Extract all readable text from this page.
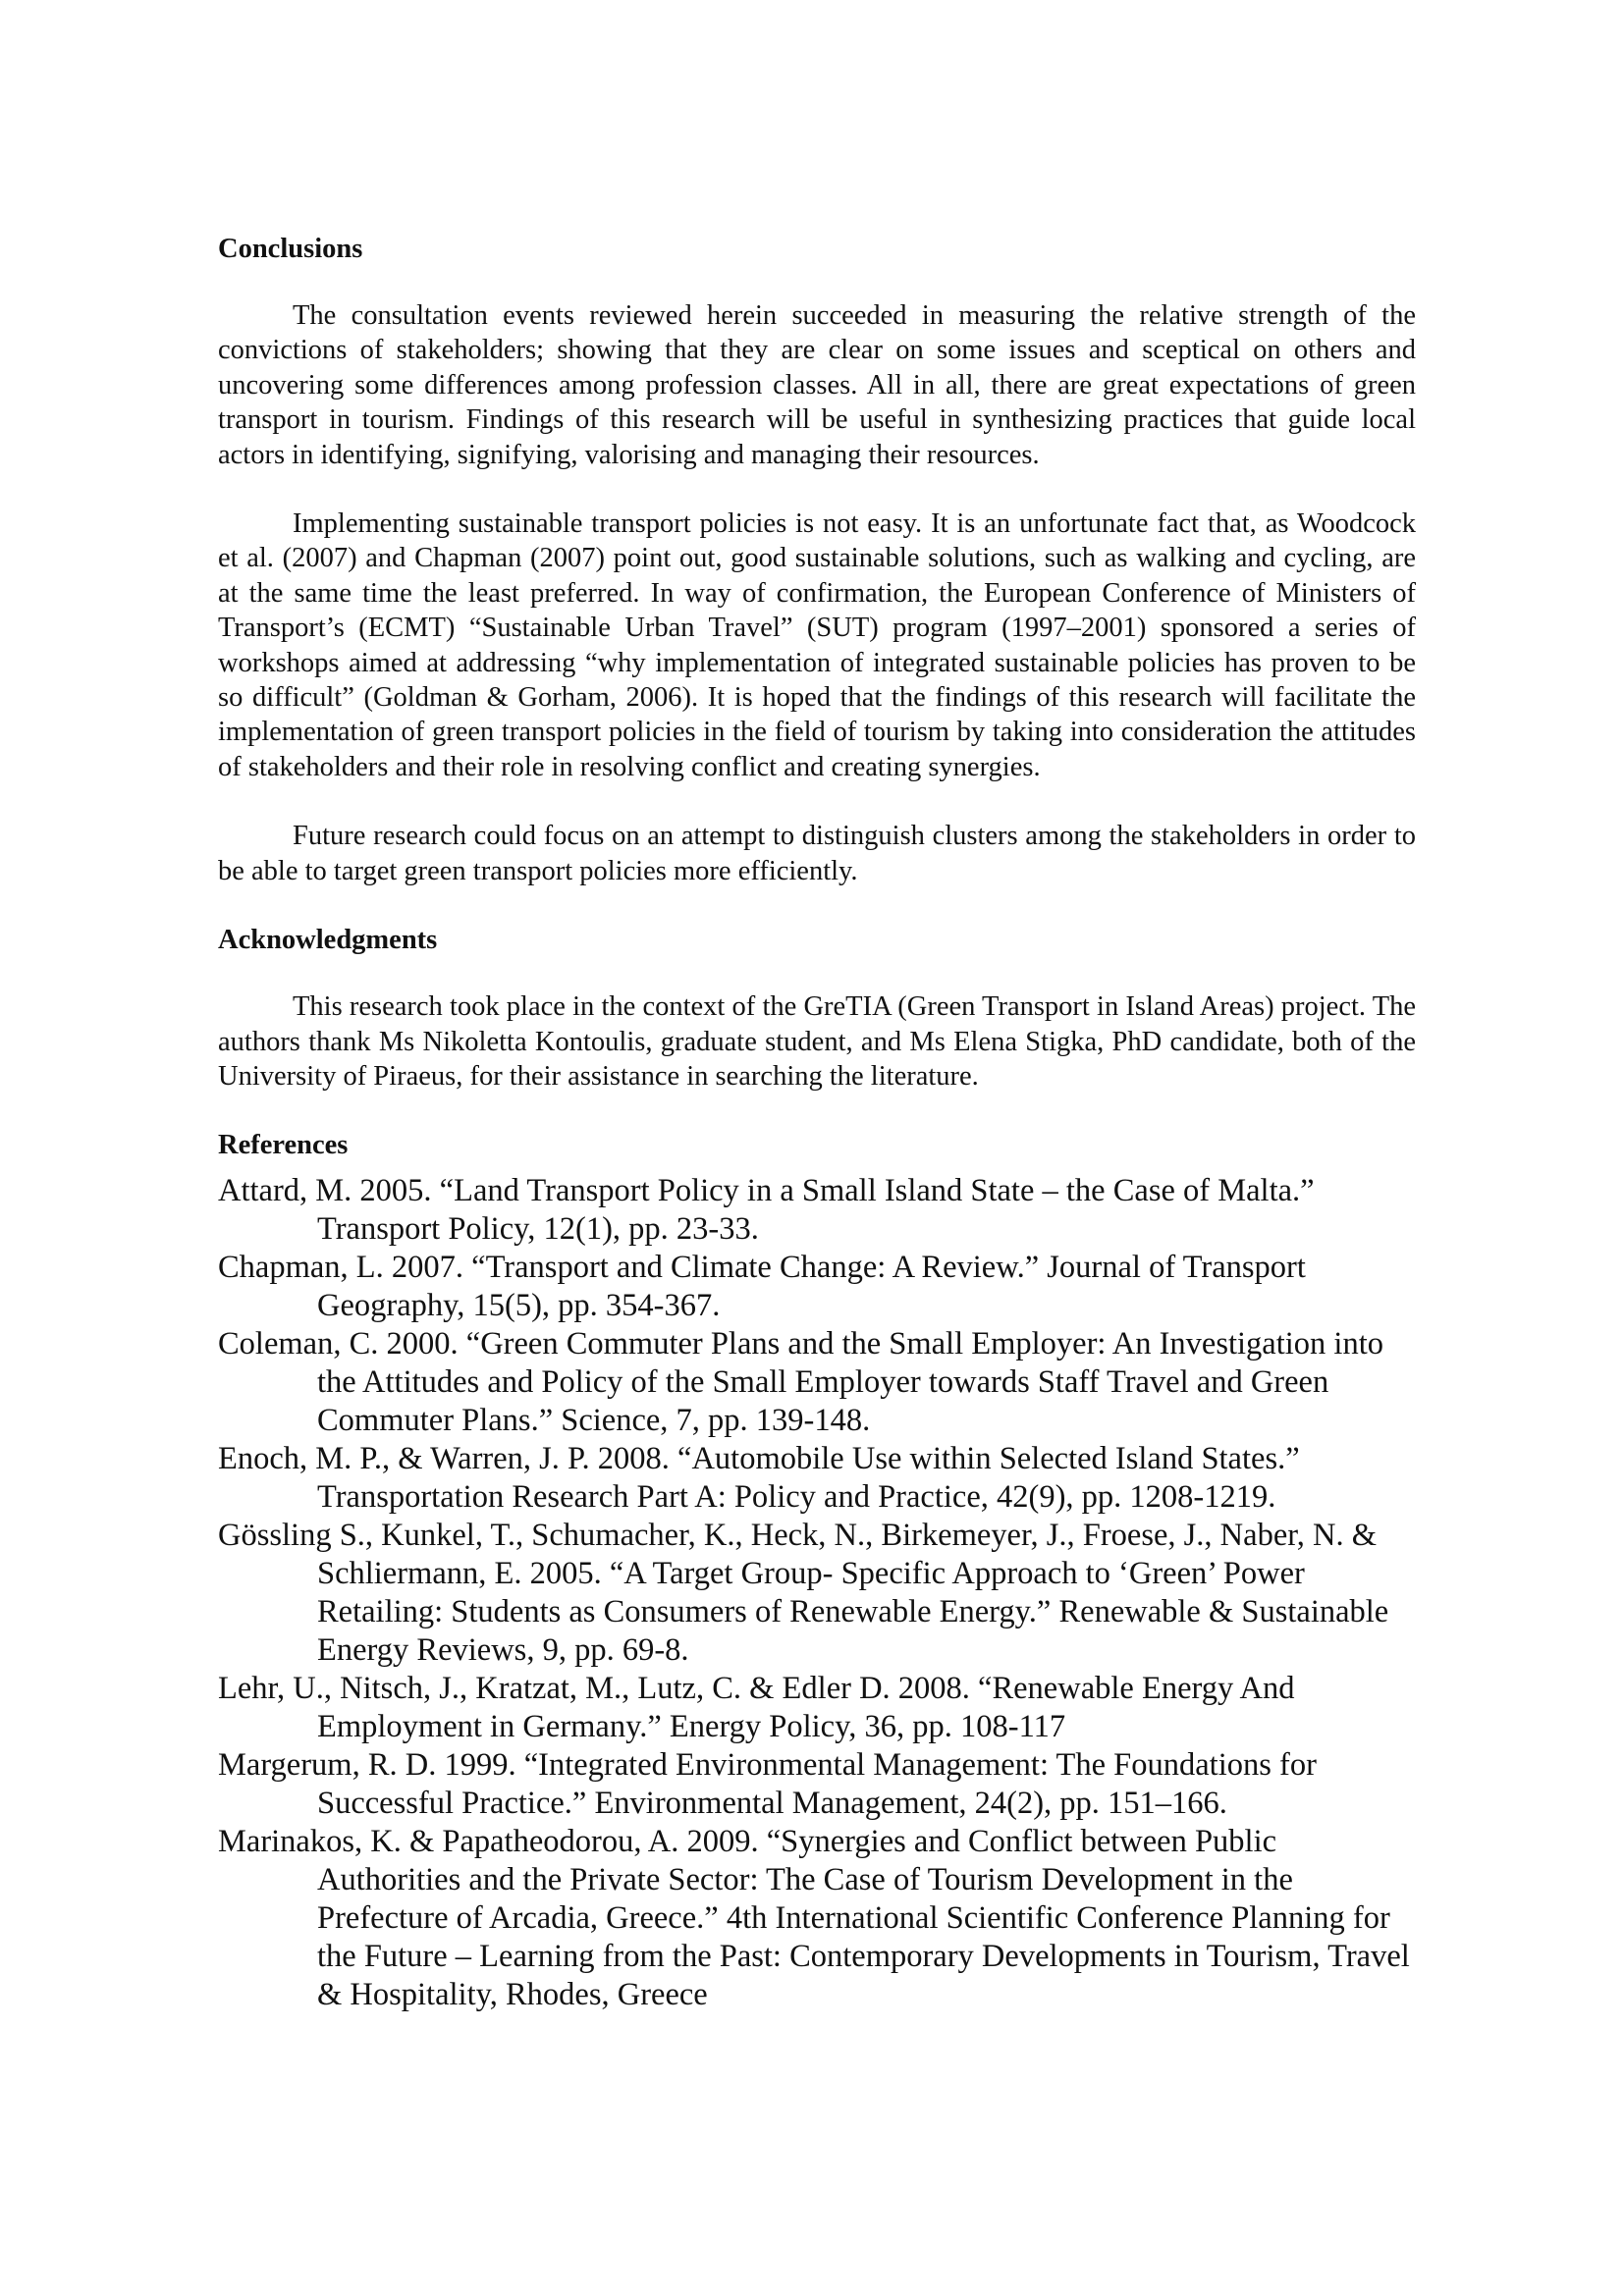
Conclusions

The consultation events reviewed herein succeeded in measuring the relative strength of the convictions of stakeholders; showing that they are clear on some issues and sceptical on others and uncovering some differences among profession classes. All in all, there are great expectations of green transport in tourism. Findings of this research will be useful in synthesizing practices that guide local actors in identifying, signifying, valorising and managing their resources.

Implementing sustainable transport policies is not easy. It is an unfortunate fact that, as Woodcock et al. (2007) and Chapman (2007) point out, good sustainable solutions, such as walking and cycling, are at the same time the least preferred. In way of confirmation, the European Conference of Ministers of Transport’s (ECMT) “Sustainable Urban Travel” (SUT) program (1997–2001) sponsored a series of workshops aimed at addressing “why implementation of integrated sustainable policies has proven to be so difficult” (Goldman & Gorham, 2006). It is hoped that the findings of this research will facilitate the implementation of green transport policies in the field of tourism by taking into consideration the attitudes of stakeholders and their role in resolving conflict and creating synergies.

Future research could focus on an attempt to distinguish clusters among the stakeholders in order to be able to target green transport policies more efficiently.

Acknowledgments

This research took place in the context of the GreTIA (Green Transport in Island Areas) project. The authors thank Ms Nikoletta Kontoulis, graduate student, and Ms Elena Stigka, PhD candidate, both of the University of Piraeus, for their assistance in searching the literature.

References
Attard, M. 2005. “Land Transport Policy in a Small Island State – the Case of Malta.” Transport Policy, 12(1), pp. 23-33.
Chapman, L. 2007. “Transport and Climate Change: A Review.” Journal of Transport Geography, 15(5), pp. 354-367.
Coleman, C. 2000. “Green Commuter Plans and the Small Employer: An Investigation into the Attitudes and Policy of the Small Employer towards Staff Travel and Green Commuter Plans.” Science, 7, pp. 139-148.
Enoch, M. P., & Warren, J. P. 2008. “Automobile Use within Selected Island States.” Transportation Research Part A: Policy and Practice, 42(9), pp. 1208-1219.
Gössling S., Kunkel, T., Schumacher, K., Heck, N., Birkemeyer, J., Froese, J., Naber, N. & Schliermann, E. 2005. “A Target Group- Specific Approach to ‘Green’ Power Retailing: Students as Consumers of Renewable Energy.” Renewable & Sustainable Energy Reviews, 9, pp. 69-8.
Lehr, U., Nitsch, J., Kratzat, M., Lutz, C. & Edler D. 2008. “Renewable Energy And Employment in Germany.” Energy Policy, 36, pp. 108-117
Margerum, R. D. 1999. “Integrated Environmental Management: The Foundations for Successful Practice.” Environmental Management, 24(2), pp. 151–166.
Marinakos, K. & Papatheodorou, A. 2009. “Synergies and Conflict between Public Authorities and the Private Sector: The Case of Tourism Development in the Prefecture of Arcadia, Greece.” 4th International Scientific Conference Planning for the Future – Learning from the Past: Contemporary Developments in Tourism, Travel & Hospitality, Rhodes, Greece
